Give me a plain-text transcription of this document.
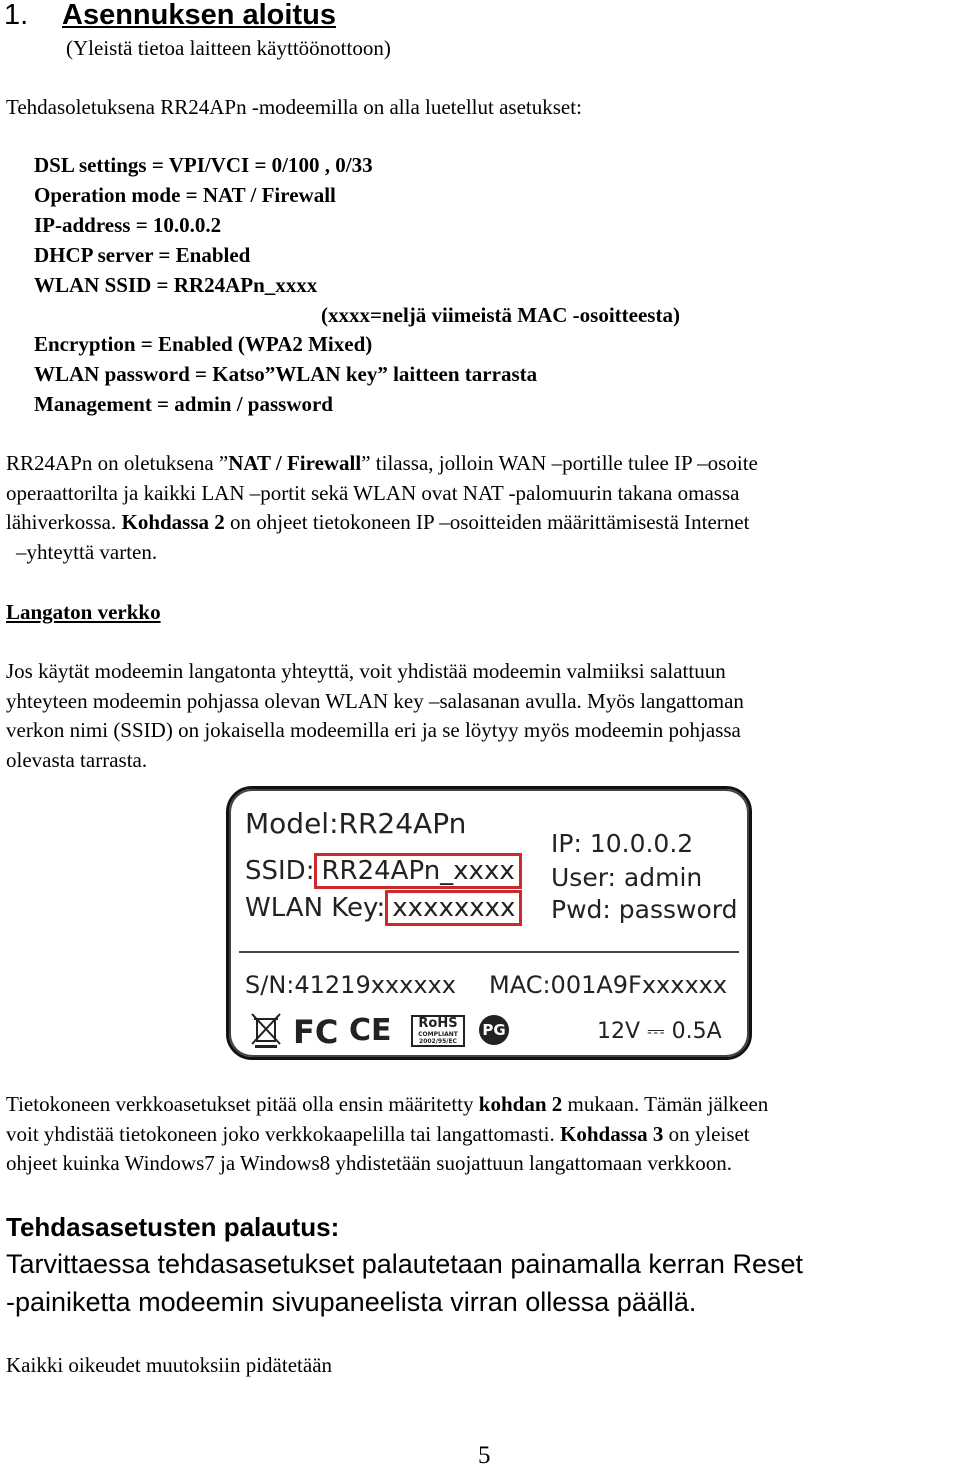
1. Asennuksen aloitus
(Yleistä tietoa laitteen käyttöönottoon)
Tehdasoletuksena RR24APn -modeemilla on alla luetellut asetukset:
DSL settings = VPI/VCI = 0/100 , 0/33
Operation mode = NAT / Firewall
IP-address = 10.0.0.2
DHCP server = Enabled
WLAN SSID = RR24APn_xxxx
(xxxx=neljä viimeistä MAC -osoitteesta)
Encryption = Enabled (WPA2 Mixed)
WLAN password = Katso”WLAN key” laitteen tarrasta
Management = admin / password
RR24APn on oletuksena ”NAT / Firewall” tilassa, jolloin WAN –portille tulee IP –osoite
operaattorilta ja kaikki LAN –portit sekä WLAN ovat NAT -palomuurin takana omassa
lähiverkossa. Kohdassa 2 on ohjeet tietokoneen IP –osoitteiden määrittämisestä Internet
–yhteyttä varten.
Langaton verkko
Jos käytät modeemin langatonta yhteyttä, voit yhdistää modeemin valmiiksi salattuun
yhteyteen modeemin pohjassa olevan WLAN key –salasanan avulla. Myös langattoman
verkon nimi (SSID) on jokaisella modeemilla eri ja se löytyy myös modeemin pohjassa
olevasta tarrasta.
Model:RR24APn
SSID: RR24APn_xxxx
WLAN Key: xxxxxxxx
IP: 10.0.0.2
User: admin
Pwd: password
S/N:41219xxxxxx MAC:001A9Fxxxxxx
FC CE	RoHS
COMPLIANT 2002/95/EC
PG	12V ⎓ 0.5A
Tietokoneen verkkoasetukset pitää olla ensin määritetty kohdan 2 mukaan. Tämän jälkeen
voit yhdistää tietokoneen joko verkkokaapelilla tai langattomasti. Kohdassa 3 on yleiset
ohjeet kuinka Windows7 ja Windows8 yhdistetään suojattuun langattomaan verkkoon.
Tehdasasetusten palautus:
Tarvittaessa tehdasasetukset palautetaan painamalla kerran Reset
-painiketta modeemin sivupaneelista virran ollessa päällä.
Kaikki oikeudet muutoksiin pidätetään
5
